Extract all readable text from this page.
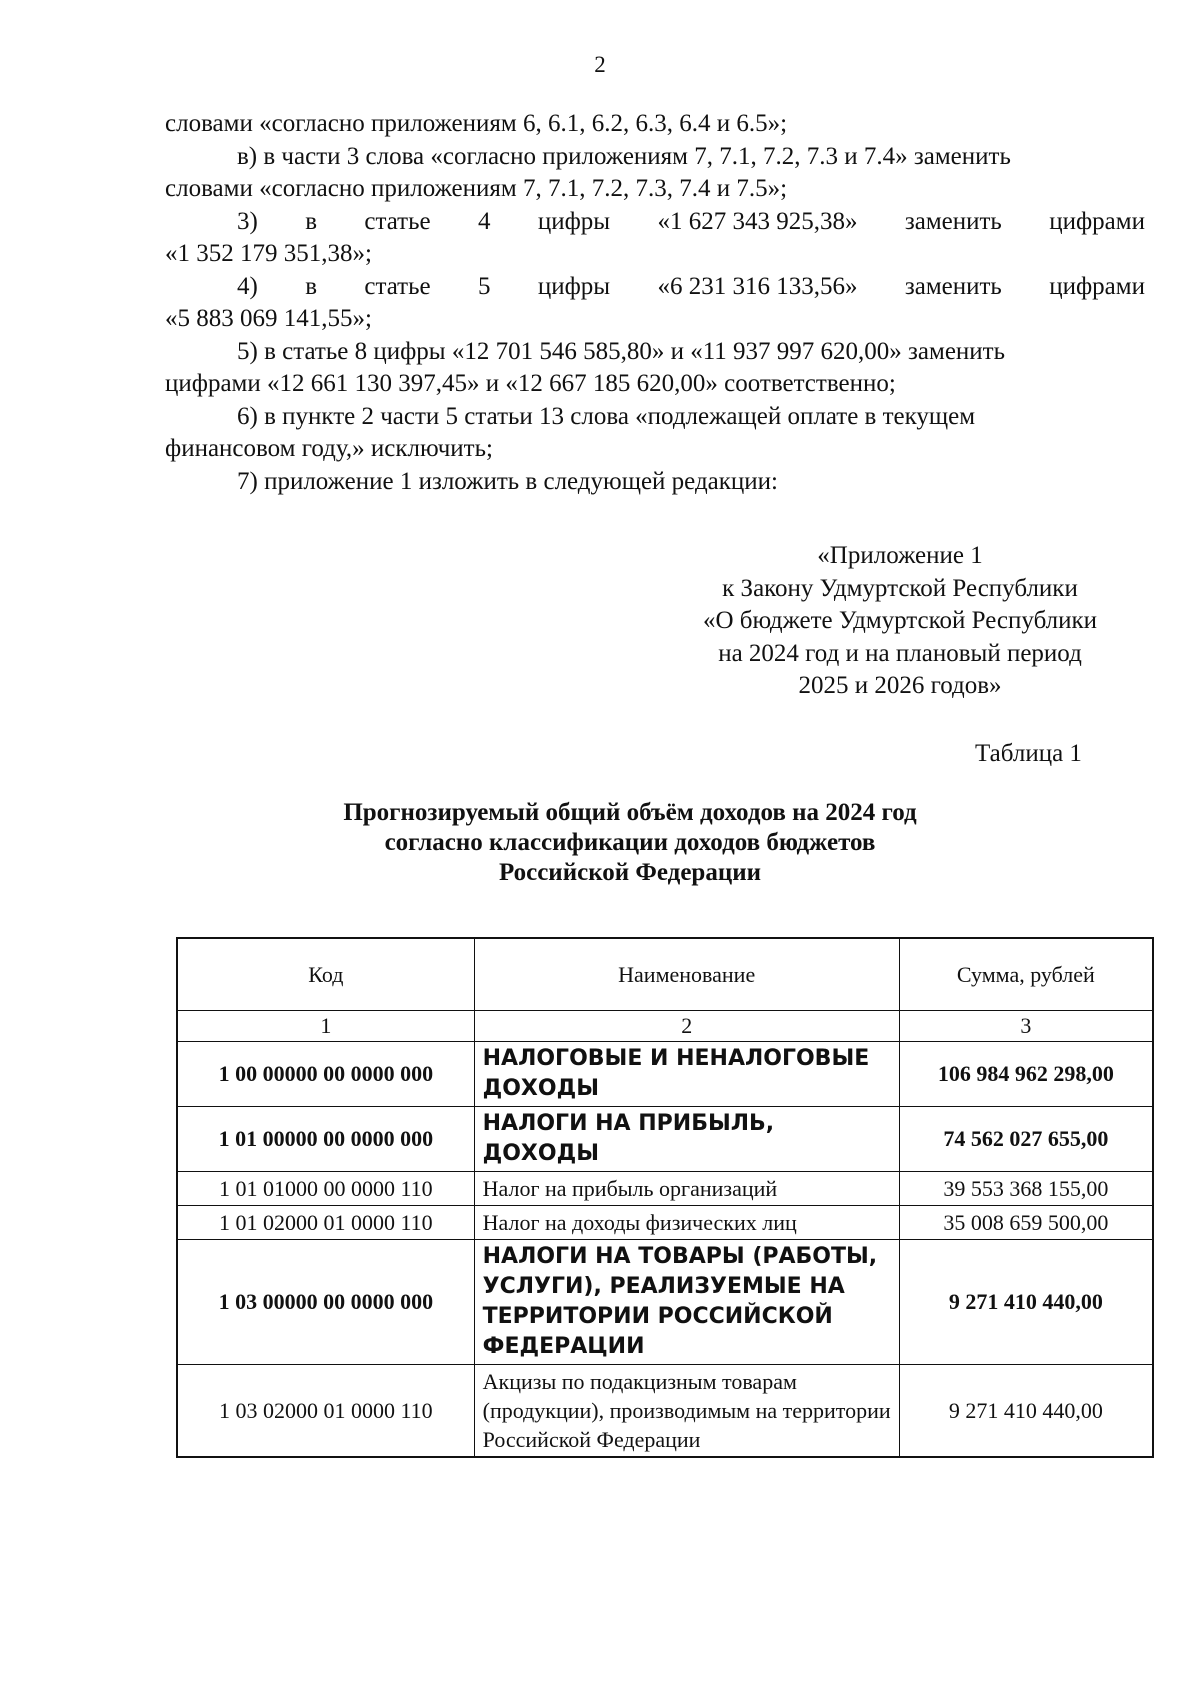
2
словами «согласно приложениям 6, 6.1, 6.2, 6.3, 6.4 и 6.5»;
в) в части 3 слова «согласно приложениям 7, 7.1, 7.2, 7.3 и 7.4» заменить
словами «согласно приложениям 7, 7.1, 7.2, 7.3, 7.4 и 7.5»;
3) в статье 4 цифры «1 627 343 925,38» заменить цифрами
«1 352 179 351,38»;
4) в статье 5 цифры «6 231 316 133,56» заменить цифрами
«5 883 069 141,55»;
5) в статье 8 цифры «12 701 546 585,80» и «11 937 997 620,00» заменить
цифрами «12 661 130 397,45» и «12 667 185 620,00» соответственно;
6) в пункте 2 части 5 статьи 13 слова «подлежащей оплате в текущем
финансовом году,» исключить;
7) приложение 1 изложить в следующей редакции:
«Приложение 1
к Закону Удмуртской Республики
«О бюджете Удмуртской Республики
на 2024 год и на плановый период
2025 и 2026 годов»
Таблица 1
Прогнозируемый общий объём доходов на 2024 год
согласно классификации доходов бюджетов
Российской Федерации
Код	Наименование	Сумма, рублей
1	2	3
1 00 00000 00 0000 000	НАЛОГОВЫЕ И НЕНАЛОГОВЫЕ ДОХОДЫ	106 984 962 298,00
1 01 00000 00 0000 000	НАЛОГИ НА ПРИБЫЛЬ, ДОХОДЫ	74 562 027 655,00
1 01 01000 00 0000 110	Налог на прибыль организаций	39 553 368 155,00
1 01 02000 01 0000 110	Налог на доходы физических лиц	35 008 659 500,00
1 03 00000 00 0000 000	НАЛОГИ НА ТОВАРЫ (РАБОТЫ, УСЛУГИ), РЕАЛИЗУЕМЫЕ НА ТЕРРИТОРИИ РОССИЙСКОЙ ФЕДЕРАЦИИ	9 271 410 440,00
1 03 02000 01 0000 110	Акцизы по подакцизным товарам (продукции), производимым на территории Российской Федерации	9 271 410 440,00
